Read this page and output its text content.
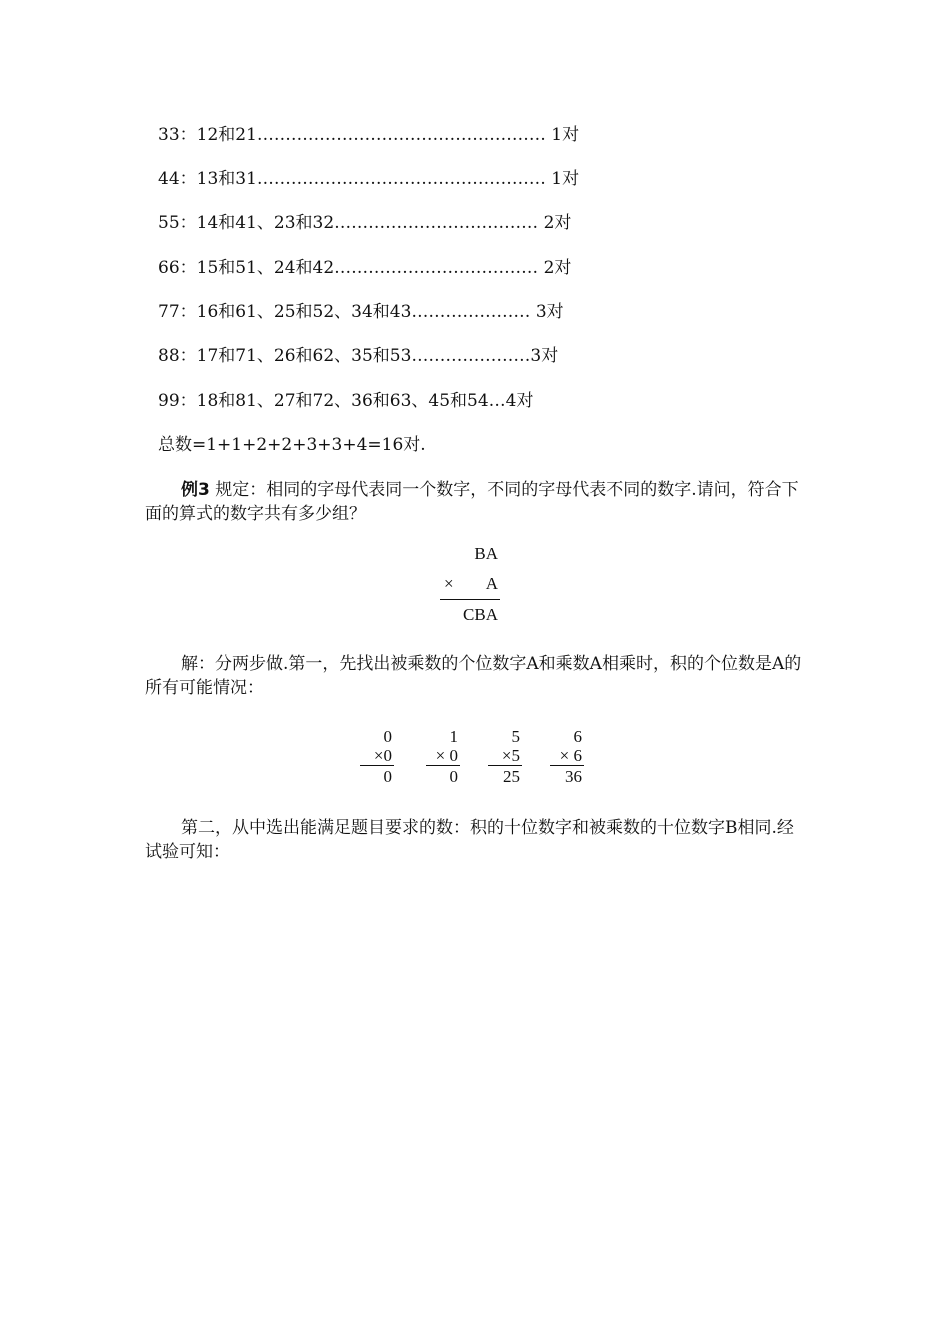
33：12和21…………………………………………… 1对
44：13和31…………………………………………… 1对
55：14和41、23和32……………………………… 2对
66：15和51、24和42……………………………… 2对
77：16和61、25和52、34和43………………… 3对
88：17和71、26和62、35和53…………………3对
99：18和81、27和72、36和63、45和54…4对
总数=1+1+2+2+3+3+4=16对.
例3 规定：相同的字母代表同一个数字，不同的字母代表不同的数字.请问，符合下面的算式的数字共有多少组？
BA
× A
CBA
解：分两步做.第一，先找出被乘数的个位数字A和乘数A相乘时，积的个位数是A的所有可能情况：
0
×0
0
1
× 0
0
5
×5
25
6
× 6
36
第二，从中选出能满足题目要求的数：积的十位数字和被乘数的十位数字B相同.经试验可知：
